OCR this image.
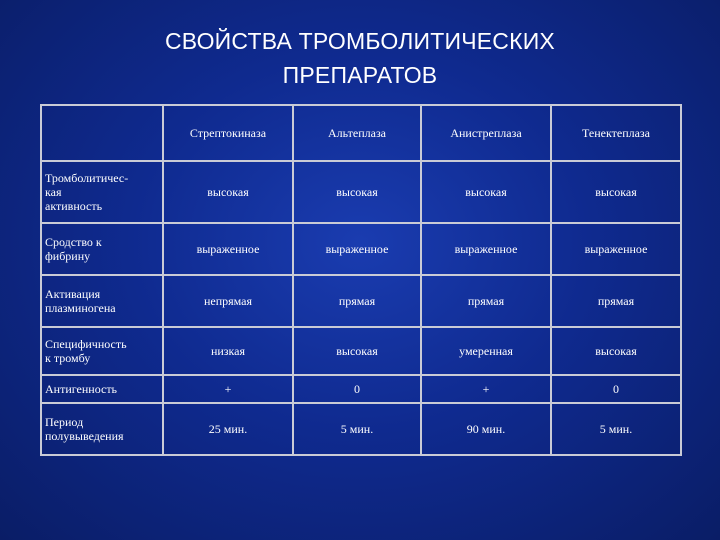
СВОЙСТВА ТРОМБОЛИТИЧЕСКИХ
ПРЕПАРАТОВ
	Стрептокиназа	Альтеплаза	Анистреплаза	Тенектеплаза
Тромболитичес-
кая
активность	высокая	высокая	высокая	высокая
Сродство к
фибрину	выраженное	выраженное	выраженное	выраженное
Активация
плазминогена	непрямая	прямая	прямая	прямая
Специфичность
к тромбу	низкая	высокая	умеренная	высокая
Антигенность	+	0	+	0
Период
полувыведения	25 мин.	5 мин.	90 мин.	5 мин.
